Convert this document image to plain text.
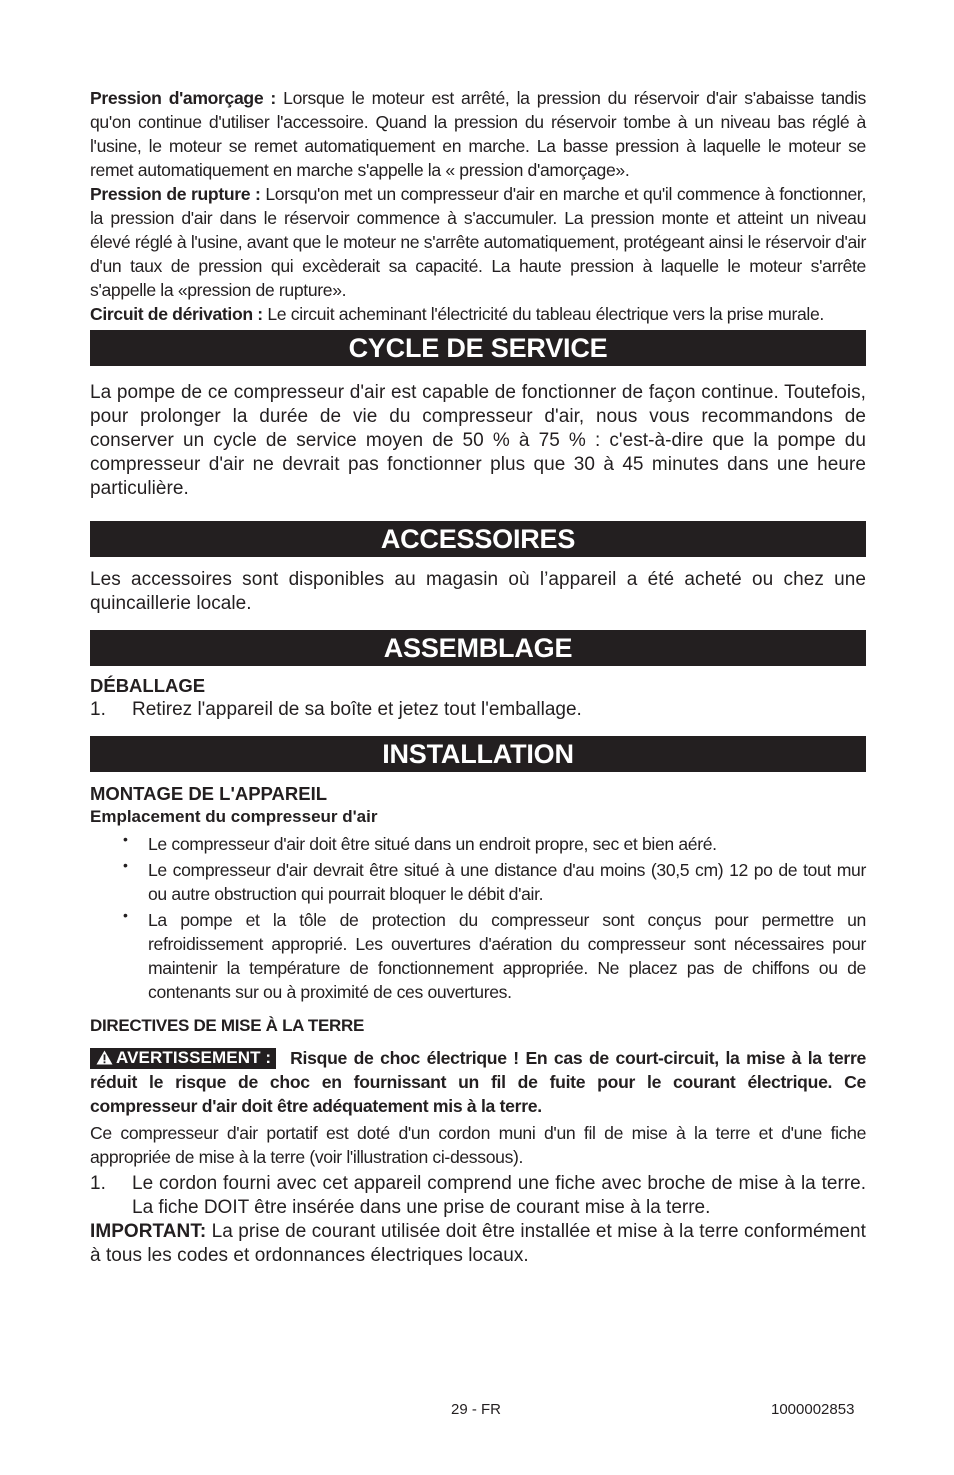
Pression d'amorçage : Lorsque le moteur est arrêté, la pression du réservoir d'air s'abaisse tandis qu'on continue d'utiliser l'accessoire. Quand la pression du réservoir tombe à un niveau bas réglé à l'usine, le moteur se remet automatiquement en marche. La basse pression à laquelle le moteur se remet automatiquement en marche s'appelle la « pression d'amorçage».

Pression de rupture : Lorsqu'on met un compresseur d'air en marche et qu'il commence à fonctionner, la pression d'air dans le réservoir commence à s'accumuler. La pression monte et atteint un niveau élevé réglé à l'usine, avant que le moteur ne s'arrête automatiquement, protégeant ainsi le réservoir d'air d'un taux de pression qui excèderait sa capacité. La haute pression à laquelle le moteur s'arrête s'appelle la «pression de rupture».

Circuit de dérivation : Le circuit acheminant l'électricité du tableau électrique vers la prise murale.

CYCLE DE SERVICE

La pompe de ce compresseur d'air est capable de fonctionner de façon continue. Toutefois, pour prolonger la durée de vie du compresseur d'air, nous vous recommandons de conserver un cycle de service moyen de 50 % à 75 % : c'est-à-dire que la pompe du compresseur d'air ne devrait pas fonctionner plus que 30 à 45 minutes dans une heure particulière.

ACCESSOIRES

Les accessoires sont disponibles au magasin où l’appareil a été acheté ou chez une quincaillerie locale.

ASSEMBLAGE
DÉBALLAGE
1.	Retirez l'appareil de sa boîte et jetez tout l'emballage.
INSTALLATION
MONTAGE DE L'APPAREIL
Emplacement du compresseur d'air
• Le compresseur d'air doit être situé dans un endroit propre, sec et bien aéré.
• Le compresseur d'air devrait être situé à une distance d'au moins (30,5 cm) 12 po de tout mur ou autre obstruction qui pourrait bloquer le débit d'air.
• La pompe et la tôle de protection du compresseur sont conçus pour permettre un refroidissement approprié. Les ouvertures d'aération du compresseur sont nécessaires pour maintenir la température de fonctionnement appropriée. Ne placez pas de chiffons ou de contenants sur ou à proximité de ces ouvertures.
DIRECTIVES DE MISE À LA TERRE
AVERTISSEMENT : Risque de choc électrique ! En cas de court-circuit, la mise à la terre réduit le risque de choc en fournissant un fil de fuite pour le courant électrique. Ce compresseur d'air doit être adéquatement mis à la terre.

Ce compresseur d'air portatif est doté d'un cordon muni d'un fil de mise à la terre et d'une fiche appropriée de mise à la terre (voir l'illustration ci-dessous).

1.	Le cordon fourni avec cet appareil comprend une fiche avec broche de mise à la terre. La fiche DOIT être insérée dans une prise de courant mise à la terre.

IMPORTANT: La prise de courant utilisée doit être installée et mise à la terre conformément à tous les codes et ordonnances électriques locaux.

29 - FR	1000002853
